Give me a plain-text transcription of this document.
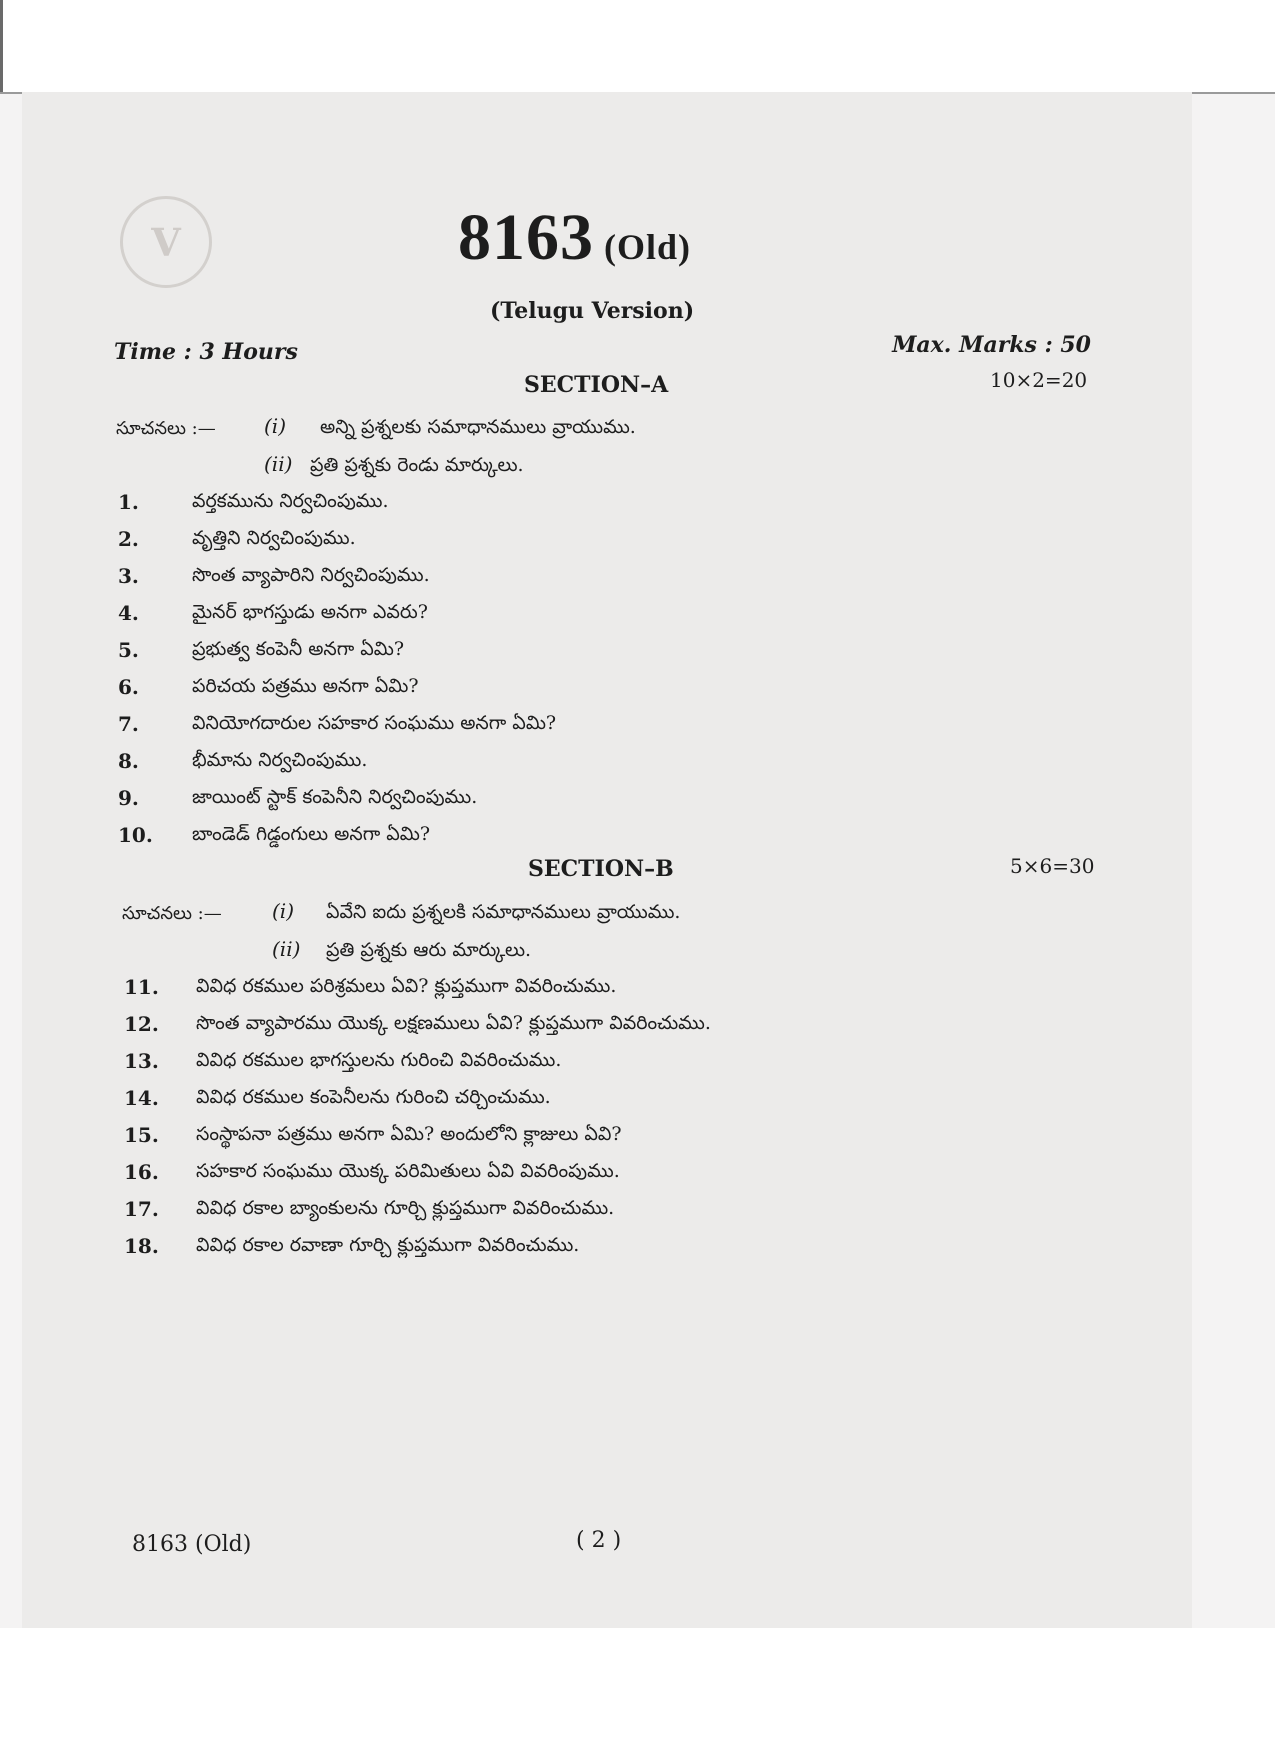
V	8163 (Old)
(Telugu Version)
Time : 3 Hours	Max. Marks : 50
SECTION–A	10×2=20
సూచనలు :— (i) అన్ని ప్రశ్నలకు సమాధానములు వ్రాయుము.
(ii) ప్రతి ప్రశ్నకు రెండు మార్కులు.
1.	వర్తకమును నిర్వచింపుము.
2.	వృత్తిని నిర్వచింపుము.
3.	సొంత వ్యాపారిని నిర్వచింపుము.
4.	మైనర్ భాగస్తుడు అనగా ఎవరు?
5.	ప్రభుత్వ కంపెనీ అనగా ఏమి?
6.	పరిచయ పత్రము అనగా ఏమి?
7.	వినియోగదారుల సహకార సంఘము అనగా ఏమి?
8.	భీమాను నిర్వచింపుము.
9.	జాయింట్ స్టాక్ కంపెనీని నిర్వచింపుము.
10. బాండెడ్ గిడ్డంగులు అనగా ఏమి?
SECTION–B	5×6=30
సూచనలు :—	(i) ఏవేని ఐదు ప్రశ్నలకి సమాధానములు వ్రాయుము.
(ii) ప్రతి ప్రశ్నకు ఆరు మార్కులు.
11. వివిధ రకముల పరిశ్రమలు ఏవి? క్లుప్తముగా వివరించుము.
12. సొంత వ్యాపారము యొక్క లక్షణములు ఏవి? క్లుప్తముగా వివరించుము.
13. వివిధ రకముల భాగస్తులను గురించి వివరించుము.
14. వివిధ రకముల కంపెనీలను గురించి చర్చించుము.
15. సంస్థాపనా పత్రము అనగా ఏమి? అందులోని క్లాజులు ఏవి?
16. సహకార సంఘము యొక్క పరిమితులు ఏవి వివరింపుము.
17. వివిధ రకాల బ్యాంకులను గూర్చి క్లుప్తముగా వివరించుము.
18. వివిధ రకాల రవాణా గూర్చి క్లుప్తముగా వివరించుము.
8163 (Old)	( 2 )
